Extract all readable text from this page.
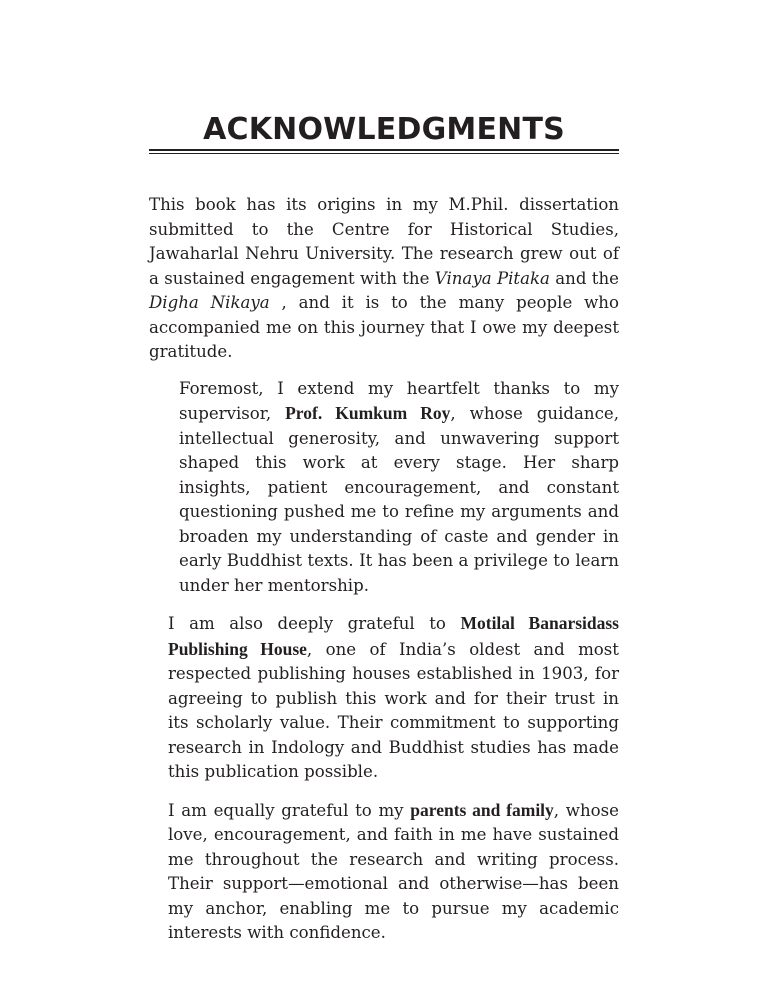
ACKNOWLEDGMENTS

This book has its origins in my M.Phil. dissertation submitted to the Centre for Historical Studies, Jawaharlal Nehru University. The research grew out of a sustained engagement with the Vinaya Pitaka and the Digha Nikaya , and it is to the many people who accompanied me on this journey that I owe my deepest gratitude.

Foremost, I extend my heartfelt thanks to my supervisor, Prof. Kumkum Roy, whose guidance, intellectual generosity, and unwavering support shaped this work at every stage. Her sharp insights, patient encouragement, and constant questioning pushed me to refine my arguments and broaden my understanding of caste and gender in early Buddhist texts. It has been a privilege to learn under her mentorship.

I am also deeply grateful to Motilal Banarsidass Publishing House, one of India’s oldest and most respected publishing houses established in 1903, for agreeing to publish this work and for their trust in its scholarly value. Their commitment to supporting research in Indology and Buddhist studies has made this publication possible.

I am equally grateful to my parents and family, whose love, encouragement, and faith in me have sustained me throughout the research and writing process. Their support—emotional and otherwise—has been my anchor, enabling me to pursue my academic interests with confidence.
